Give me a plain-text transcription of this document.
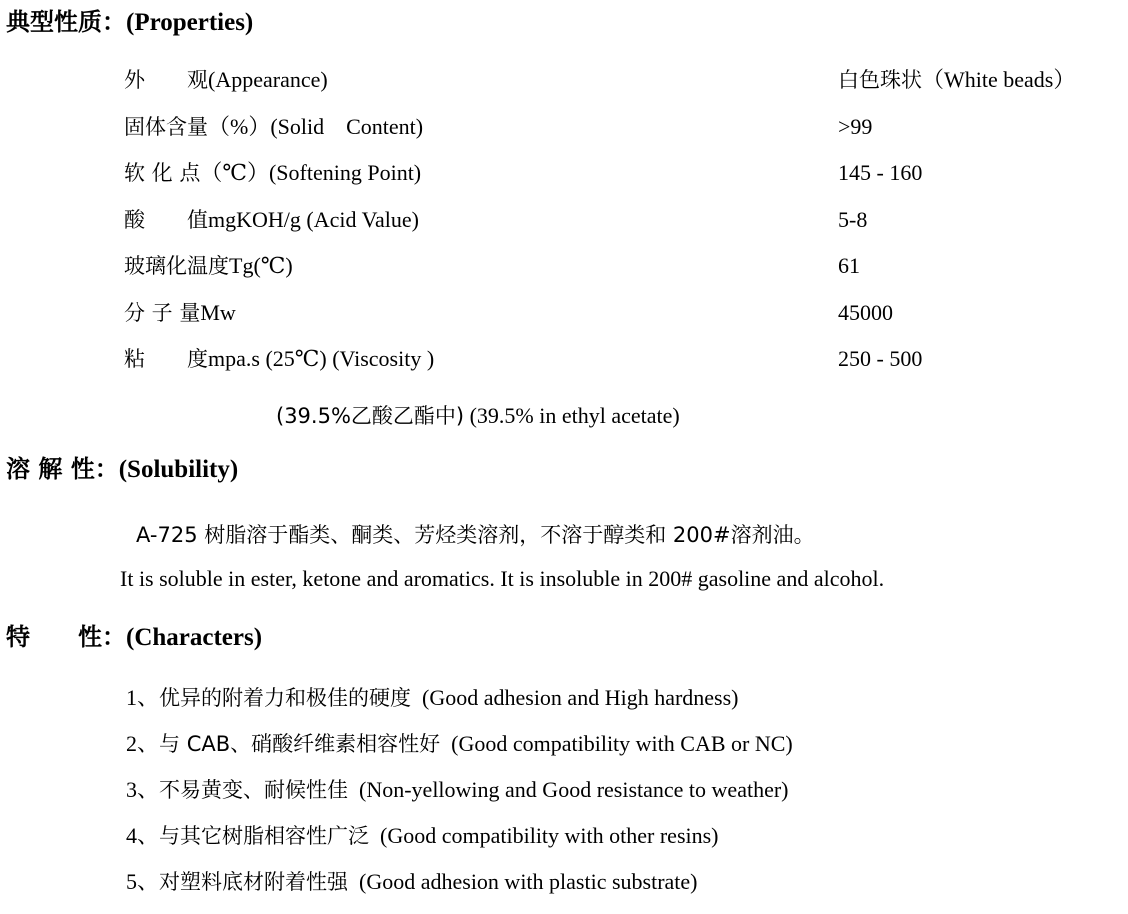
典型性质：(Properties)
外　　观(Appearance)	白色珠状（White beads）
固体含量（%）(Solid　Content)	>99
软 化 点（℃）(Softening Point)	145 - 160
酸　　值mgKOH/g (Acid Value)	5-8
玻璃化温度Tg(℃)	61
分 子 量Mw	45000
粘　　度mpa.s (25℃) (Viscosity )	250 - 500
(39.5%乙酸乙酯中) (39.5% in ethyl acetate)
溶 解 性：(Solubility)
A-725 树脂溶于酯类、酮类、芳烃类溶剂，不溶于醇类和 200#溶剂油。
It is soluble in ester, ketone and aromatics. It is insoluble in 200# gasoline and alcohol.
特　　性：(Characters)
1、优异的附着力和极佳的硬度 (Good adhesion and High hardness)
2、与 CAB、硝酸纤维素相容性好 (Good compatibility with CAB or NC)
3、不易黄变、耐候性佳 (Non-yellowing and Good resistance to weather)
4、与其它树脂相容性广泛 (Good compatibility with other resins)
5、对塑料底材附着性强 (Good adhesion with plastic substrate)
